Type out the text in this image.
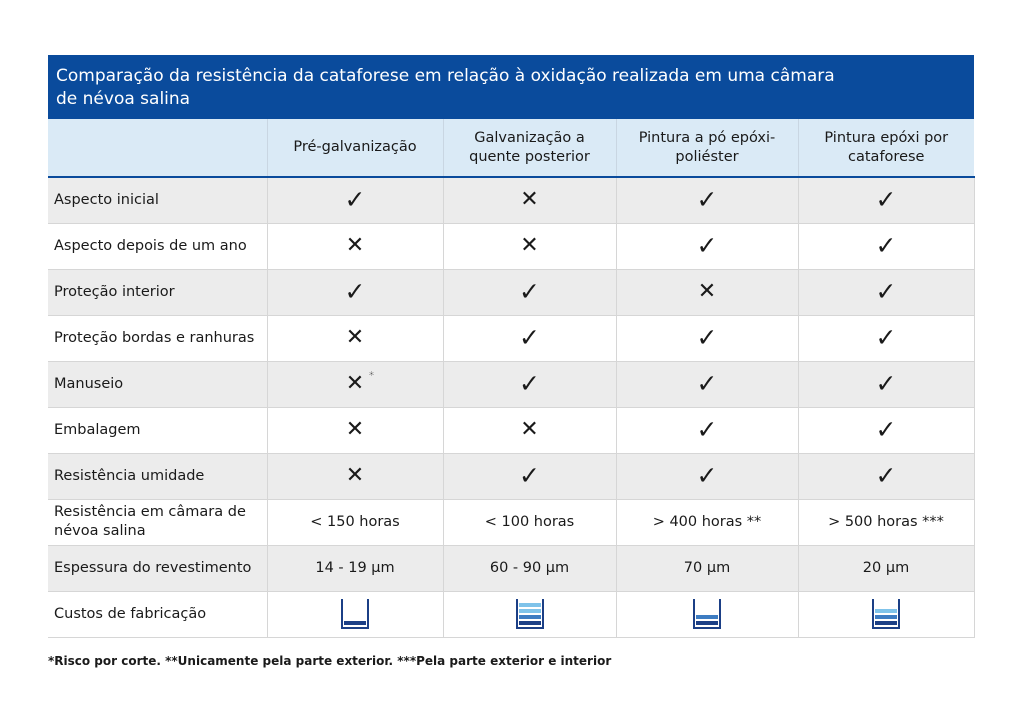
Comparação da resistência da cataforese em relação à oxidação realizada em uma câmara
de névoa salina
	Pré-galvanização	Galvanização a quente posterior	Pintura a pó epóxi-poliéster	Pintura epóxi por cataforese
Aspecto inicial	✓	✕	✓	✓
Aspecto depois de um ano	✕	✕	✓	✓
Proteção interior	✓	✓	✕	✓
Proteção bordas e ranhuras	✕	✓	✓	✓
Manuseio	✕ *	✓	✓	✓
Embalagem	✕	✕	✓	✓
Resistência umidade	✕	✓	✓	✓
Resistência em câmara de névoa salina	< 150 horas	< 100 horas	> 400 horas **	> 500 horas ***
Espessura do revestimento	14 - 19 µm	60 - 90 µm	70 µm	20 µm
Custos de fabricação	

*Risco por corte. **Unicamente pela parte exterior. ***Pela parte exterior e interior
